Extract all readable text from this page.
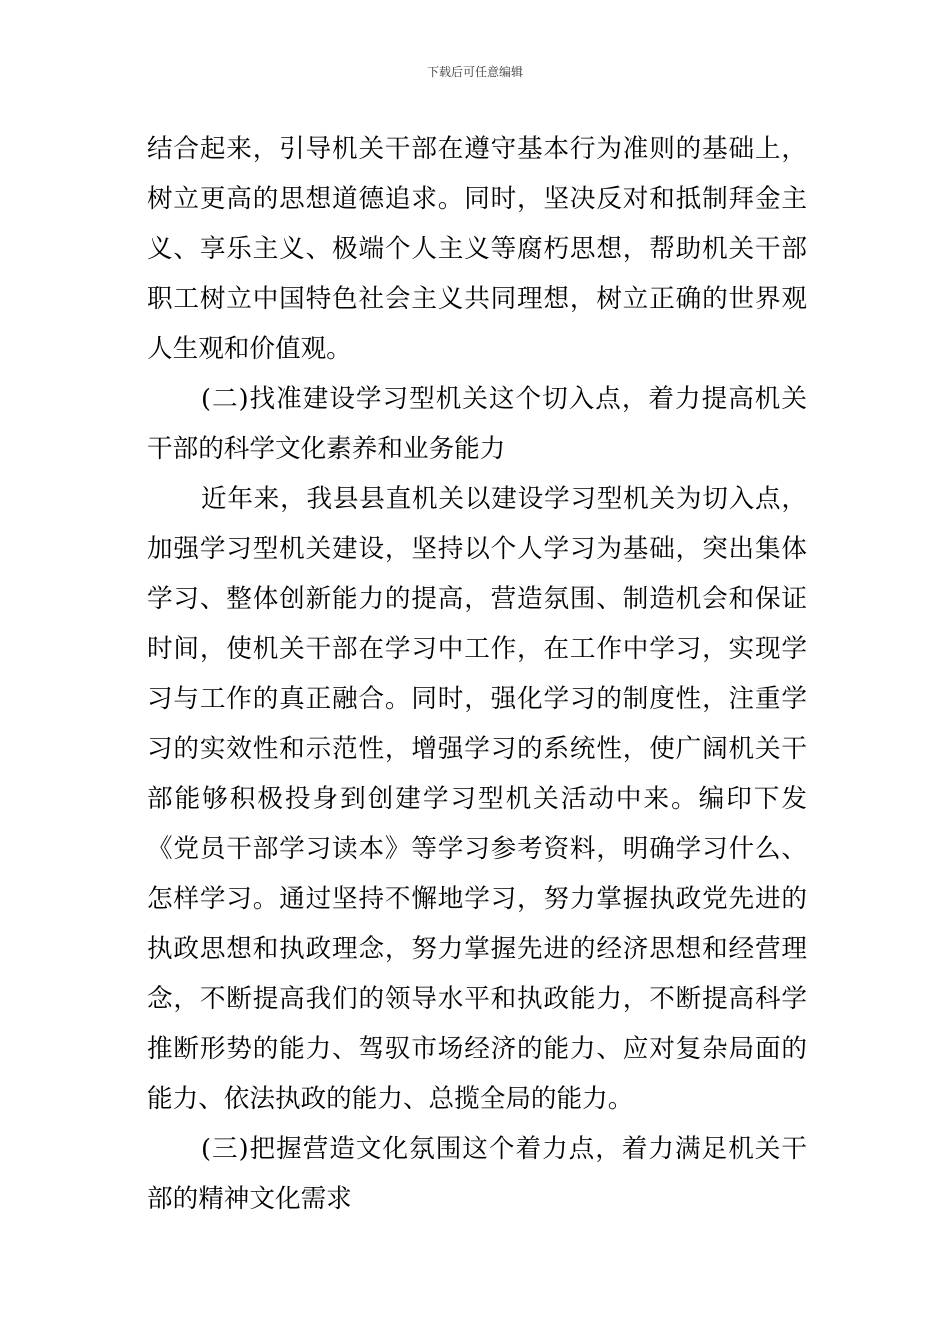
下载后可任意编辑
结合起来，引导机关干部在遵守基本行为准则的基础上，
树立更高的思想道德追求。同时，坚决反对和抵制拜金主
义、享乐主义、极端个人主义等腐朽思想，帮助机关干部
职工树立中国特色社会主义共同理想，树立正确的世界观
人生观和价值观。
(二)找准建设学习型机关这个切入点，着力提高机关
干部的科学文化素养和业务能力
近年来，我县县直机关以建设学习型机关为切入点，
加强学习型机关建设，坚持以个人学习为基础，突出集体
学习、整体创新能力的提高，营造氛围、制造机会和保证
时间，使机关干部在学习中工作，在工作中学习，实现学
习与工作的真正融合。同时，强化学习的制度性，注重学
习的实效性和示范性，增强学习的系统性，使广阔机关干
部能够积极投身到创建学习型机关活动中来。编印下发
《党员干部学习读本》等学习参考资料，明确学习什么、
怎样学习。通过坚持不懈地学习，努力掌握执政党先进的
执政思想和执政理念，努力掌握先进的经济思想和经营理
念，不断提高我们的领导水平和执政能力，不断提高科学
推断形势的能力、驾驭市场经济的能力、应对复杂局面的
能力、依法执政的能力、总揽全局的能力。
(三)把握营造文化氛围这个着力点，着力满足机关干
部的精神文化需求
